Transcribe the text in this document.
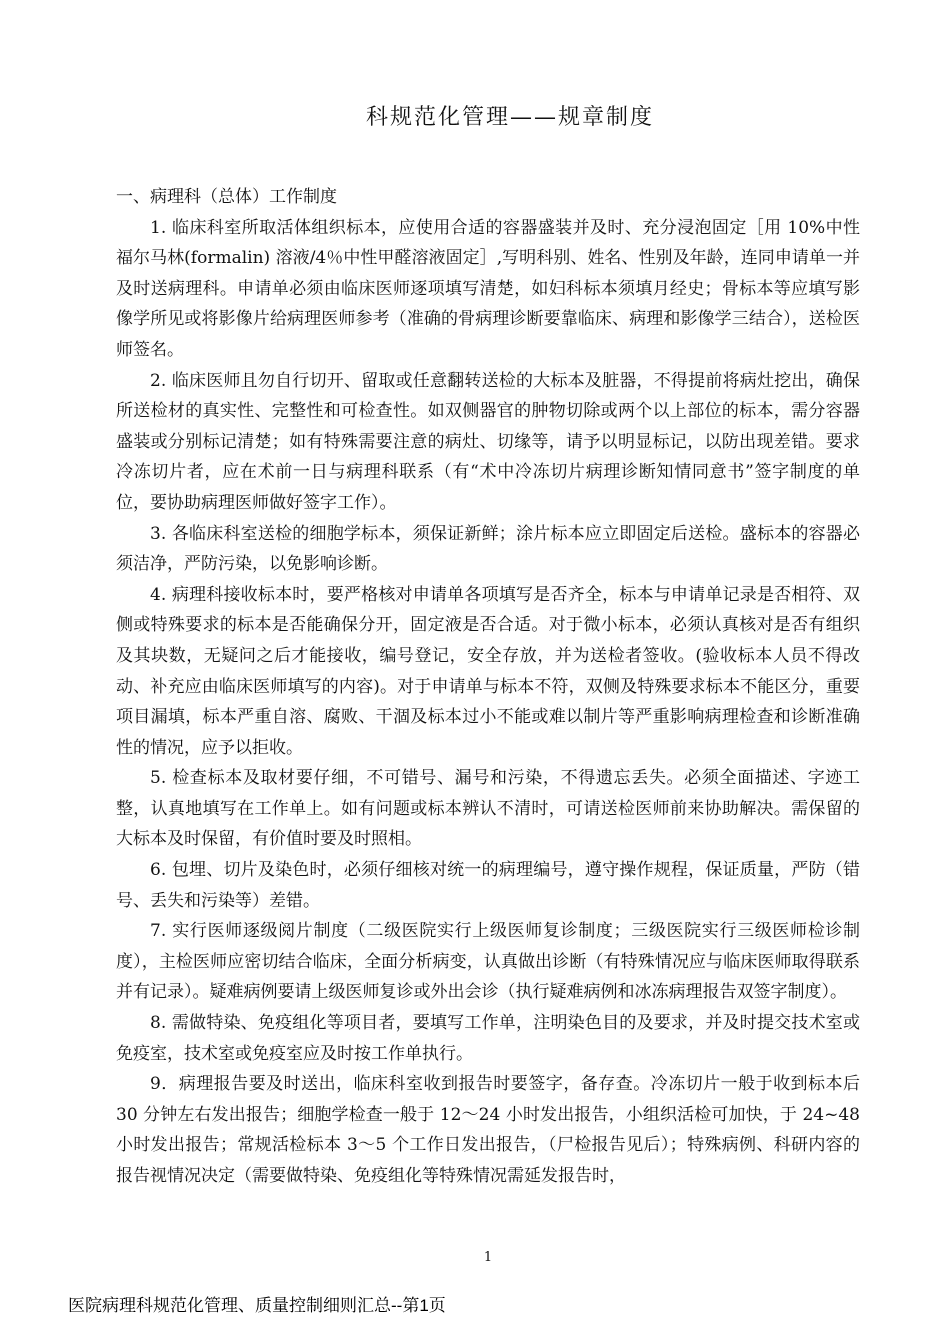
科规范化管理——规章制度

一、病理科（总体）工作制度

1. 临床科室所取活体组织标本，应使用合适的容器盛装并及时、充分浸泡固定［用 10%中性福尔马林(formalin) 溶液/4％中性甲醛溶液固定］,写明科别、姓名、性别及年龄，连同申请单一并及时送病理科。申请单必须由临床医师逐项填写清楚，如妇科标本须填月经史；骨标本等应填写影像学所见或将影像片给病理医师参考（准确的骨病理诊断要靠临床、病理和影像学三结合），送检医师签名。

2. 临床医师且勿自行切开、留取或任意翻转送检的大标本及脏器，不得提前将病灶挖出，确保所送检材的真实性、完整性和可检查性。如双侧器官的肿物切除或两个以上部位的标本，需分容器盛装或分别标记清楚；如有特殊需要注意的病灶、切缘等，请予以明显标记，以防出现差错。要求冷冻切片者，应在术前一日与病理科联系（有“术中冷冻切片病理诊断知情同意书”签字制度的单位，要协助病理医师做好签字工作）。

3. 各临床科室送检的细胞学标本，须保证新鲜；涂片标本应立即固定后送检。盛标本的容器必须洁净，严防污染，以免影响诊断。

4. 病理科接收标本时，要严格核对申请单各项填写是否齐全，标本与申请单记录是否相符、双侧或特殊要求的标本是否能确保分开，固定液是否合适。对于微小标本，必须认真核对是否有组织及其块数，无疑问之后才能接收，编号登记，安全存放，并为送检者签收。(验收标本人员不得改动、补充应由临床医师填写的内容)。对于申请单与标本不符，双侧及特殊要求标本不能区分，重要项目漏填，标本严重自溶、腐败、干涸及标本过小不能或难以制片等严重影响病理检查和诊断准确性的情况，应予以拒收。

5. 检查标本及取材要仔细，不可错号、漏号和污染，不得遗忘丢失。必须全面描述、字迹工整，认真地填写在工作单上。如有问题或标本辨认不清时，可请送检医师前来协助解决。需保留的大标本及时保留，有价值时要及时照相。

6. 包埋、切片及染色时，必须仔细核对统一的病理编号，遵守操作规程，保证质量，严防（错号、丢失和污染等）差错。

7. 实行医师逐级阅片制度（二级医院实行上级医师复诊制度；三级医院实行三级医师检诊制度），主检医师应密切结合临床，全面分析病变，认真做出诊断（有特殊情况应与临床医师取得联系并有记录）。疑难病例要请上级医师复诊或外出会诊（执行疑难病例和冰冻病理报告双签字制度）。

8. 需做特染、免疫组化等项目者，要填写工作单，注明染色目的及要求，并及时提交技术室或免疫室，技术室或免疫室应及时按工作单执行。

9．病理报告要及时送出，临床科室收到报告时要签字，备存查。冷冻切片一般于收到标本后 30 分钟左右发出报告；细胞学检查一般于 12～24 小时发出报告，小组织活检可加快，于 24~48 小时发出报告；常规活检标本 3～5 个工作日发出报告，（尸检报告见后）；特殊病例、科研内容的报告视情况决定（需要做特染、免疫组化等特殊情况需延发报告时，

1
医院病理科规范化管理、质量控制细则汇总--第1页
